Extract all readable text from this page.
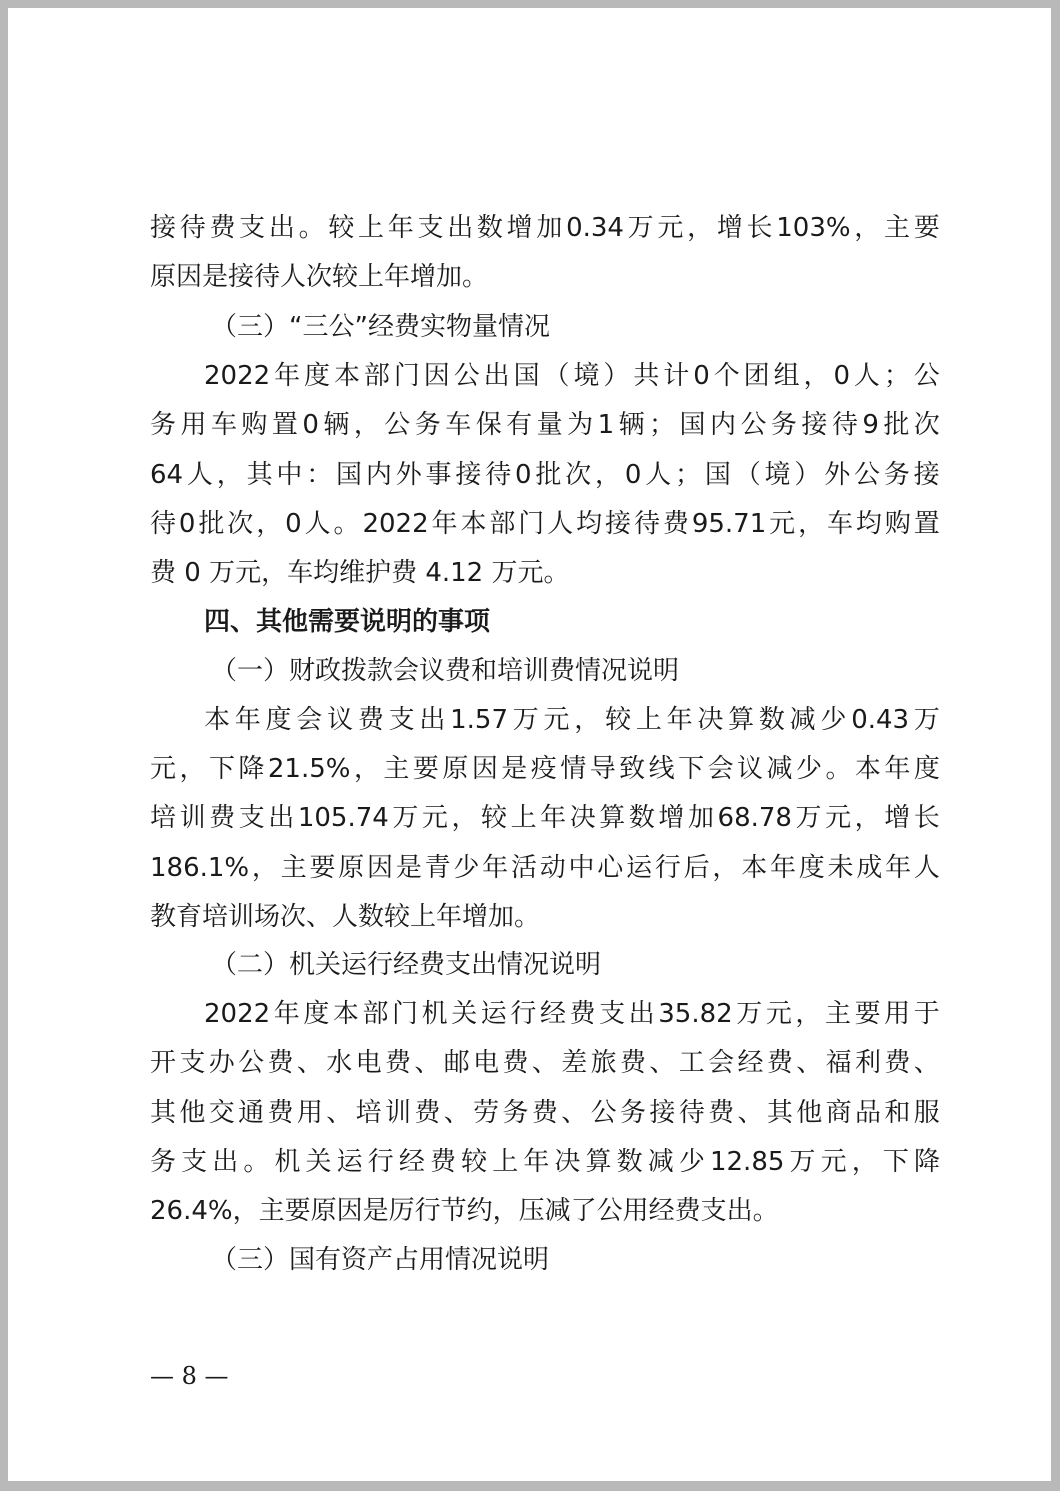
接 待 费 支 出 。 较 上 年 支 出 数 增 加 0.34 万 元 ， 增 长 103% ， 主 要
原因是接待人次较上年增加。
（三）“三公”经费实物量情况
2022 年 度 本 部 门 因 公 出 国 （ 境 ） 共 计 0 个 团 组 ， 0 人 ； 公
务 用 车 购 置 0 辆 ， 公 务 车 保 有 量 为 1 辆 ； 国 内 公 务 接 待 9 批 次
64 人 ， 其 中 ： 国 内 外 事 接 待 0 批 次 ， 0 人 ； 国 （ 境 ） 外 公 务 接
待 0 批 次 ， 0 人 。 2022 年 本 部 门 人 均 接 待 费 95.71 元 ， 车 均 购 置
费 0 万元，车均维护费 4.12 万元。
四、其他需要说明的事项
（一）财政拨款会议费和培训费情况说明
本 年 度 会 议 费 支 出 1.57 万 元 ， 较 上 年 决 算 数 减 少 0.43 万
元 ， 下 降 21.5% ， 主 要 原 因 是 疫 情 导 致 线 下 会 议 减 少 。 本 年 度
培 训 费 支 出 105.74 万 元 ， 较 上 年 决 算 数 增 加 68.78 万 元 ， 增 长
186.1% ， 主 要 原 因 是 青 少 年 活 动 中 心 运 行 后 ， 本 年 度 未 成 年 人
教育培训场次、人数较上年增加。
（二）机关运行经费支出情况说明
2022 年 度 本 部 门 机 关 运 行 经 费 支 出 35.82 万 元 ， 主 要 用 于
开 支 办 公 费 、 水 电 费 、 邮 电 费 、 差 旅 费 、 工 会 经 费 、 福 利 费 、
其 他 交 通 费 用 、 培 训 费 、 劳 务 费 、 公 务 接 待 费 、 其 他 商 品 和 服
务 支 出 。 机 关 运 行 经 费 较 上 年 决 算 数 减 少 12.85 万 元 ， 下 降
26.4%，主要原因是厉行节约，压减了公用经费支出。
（三）国有资产占用情况说明
— 8 —
